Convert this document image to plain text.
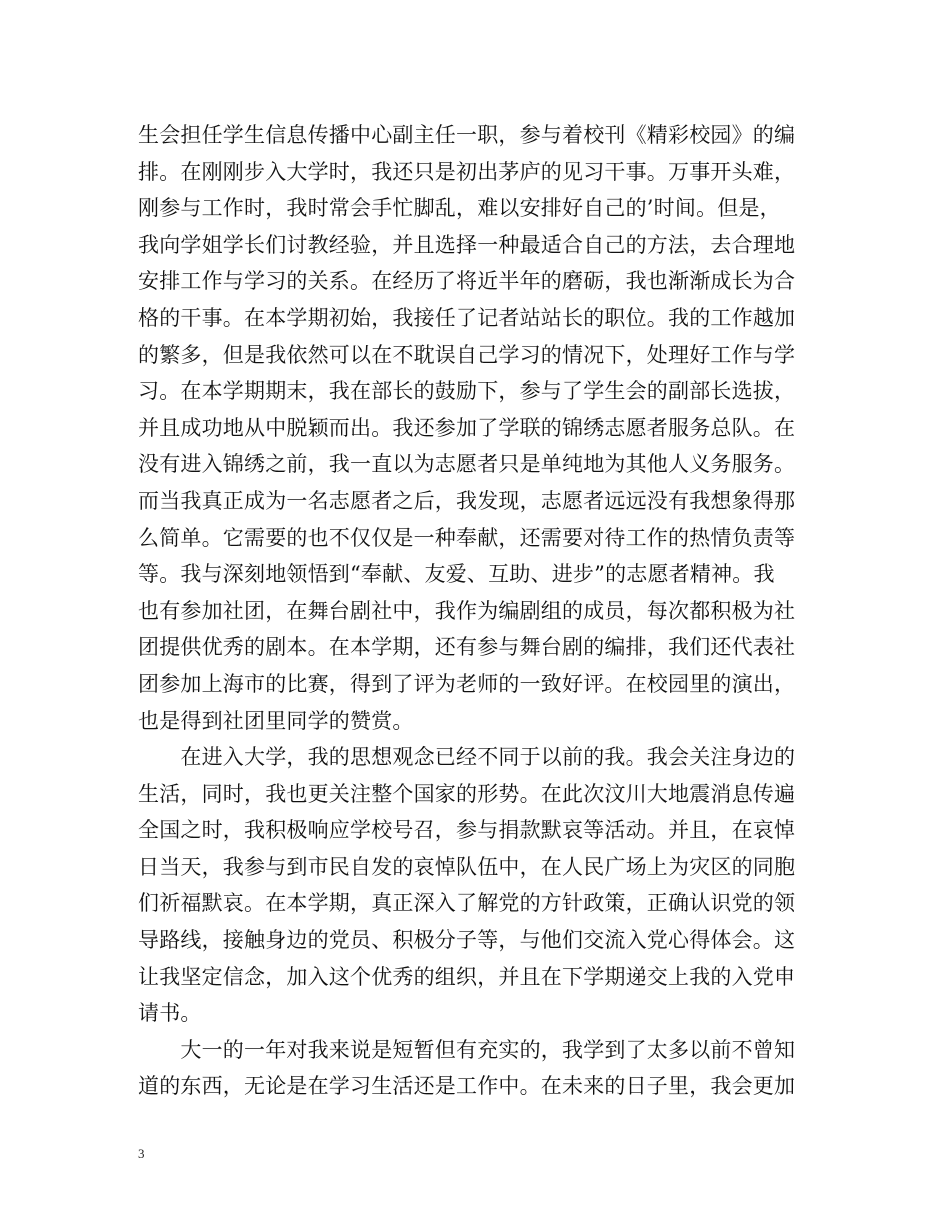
生会担任学生信息传播中心副主任一职，参与着校刊《精彩校园》的编
排。在刚刚步入大学时，我还只是初出茅庐的见习干事。万事开头难，
刚参与工作时，我时常会手忙脚乱，难以安排好自己的’时间。但是，
我向学姐学长们讨教经验，并且选择一种最适合自己的方法，去合理地
安排工作与学习的关系。在经历了将近半年的磨砺，我也渐渐成长为合
格的干事。在本学期初始，我接任了记者站站长的职位。我的工作越加
的繁多，但是我依然可以在不耽误自己学习的情况下，处理好工作与学
习。在本学期期末，我在部长的鼓励下，参与了学生会的副部长选拔，
并且成功地从中脱颖而出。我还参加了学联的锦绣志愿者服务总队。在
没有进入锦绣之前，我一直以为志愿者只是单纯地为其他人义务服务。
而当我真正成为一名志愿者之后，我发现，志愿者远远没有我想象得那
么简单。它需要的也不仅仅是一种奉献，还需要对待工作的热情负责等
等。我与深刻地领悟到“奉献、友爱、互助、进步”的志愿者精神。我
也有参加社团，在舞台剧社中，我作为编剧组的成员，每次都积极为社
团提供优秀的剧本。在本学期，还有参与舞台剧的编排，我们还代表社
团参加上海市的比赛，得到了评为老师的一致好评。在校园里的演出，
也是得到社团里同学的赞赏。
　　在进入大学，我的思想观念已经不同于以前的我。我会关注身边的
生活，同时，我也更关注整个国家的形势。在此次汶川大地震消息传遍
全国之时，我积极响应学校号召，参与捐款默哀等活动。并且，在哀悼
日当天，我参与到市民自发的哀悼队伍中，在人民广场上为灾区的同胞
们祈福默哀。在本学期，真正深入了解党的方针政策，正确认识党的领
导路线，接触身边的党员、积极分子等，与他们交流入党心得体会。这
让我坚定信念，加入这个优秀的组织，并且在下学期递交上我的入党申
请书。
　　大一的一年对我来说是短暂但有充实的，我学到了太多以前不曾知
道的东西，无论是在学习生活还是工作中。在未来的日子里，我会更加
3
